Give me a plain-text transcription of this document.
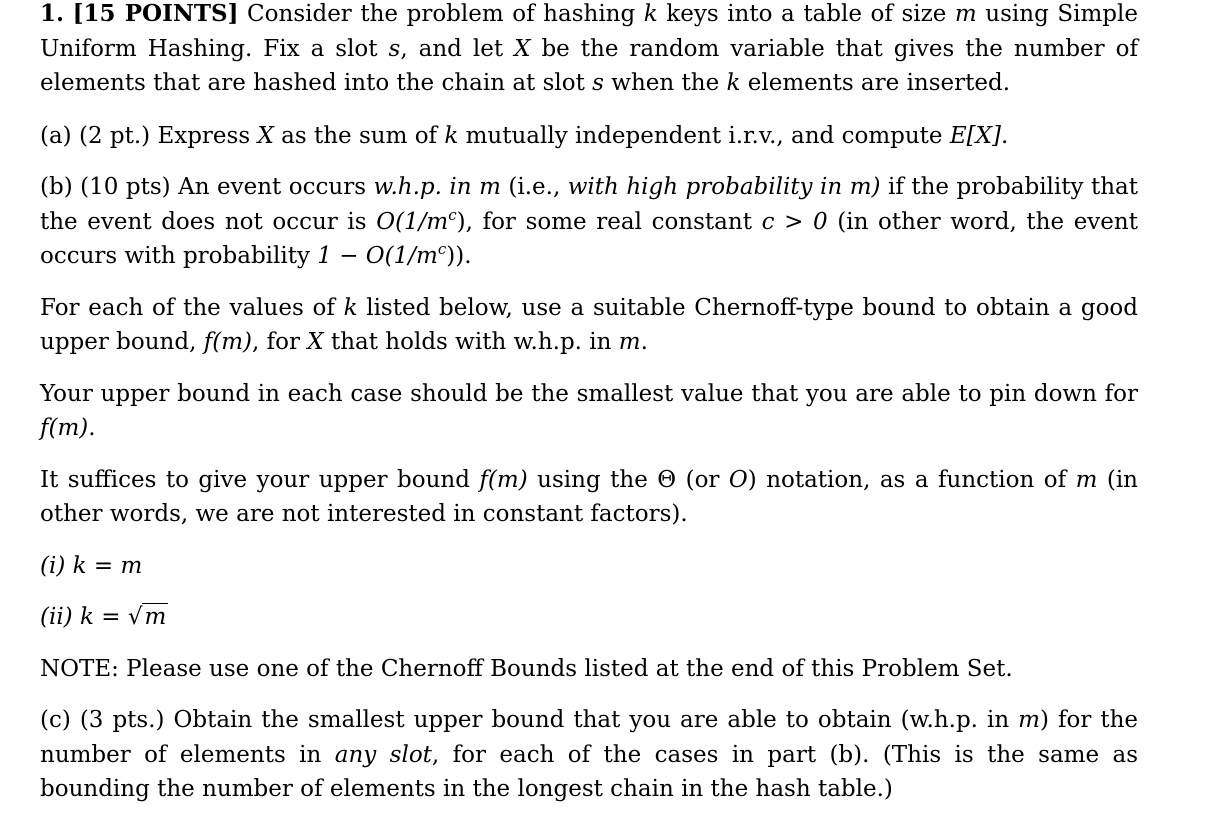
1. [15 POINTS] Consider the problem of hashing k keys into a table of size m using Simple Uniform Hashing. Fix a slot s, and let X be the random variable that gives the number of elements that are hashed into the chain at slot s when the k elements are inserted.

(a) (2 pt.) Express X as the sum of k mutually independent i.r.v., and compute E[X].

(b) (10 pts) An event occurs w.h.p. in m (i.e., with high probability in m) if the probability that the event does not occur is $O(1/m^c)$, for some real constant c > 0 (in other word, the event occurs with probability $1 - O(1/m^c)$).

For each of the values of k listed below, use a suitable Chernoff-type bound to obtain a good upper bound, f(m), for X that holds with w.h.p. in m.

Your upper bound in each case should be the smallest value that you are able to pin down for f(m).

It suffices to give your upper bound f(m) using the Θ (or O) notation, as a function of m (in other words, we are not interested in constant factors).

(i) k = m

(ii) k = √m

NOTE: Please use one of the Chernoff Bounds listed at the end of this Problem Set.

(c) (3 pts.) Obtain the smallest upper bound that you are able to obtain (w.h.p. in m) for the number of elements in any slot, for each of the cases in part (b). (This is the same as bounding the number of elements in the longest chain in the hash table.)
